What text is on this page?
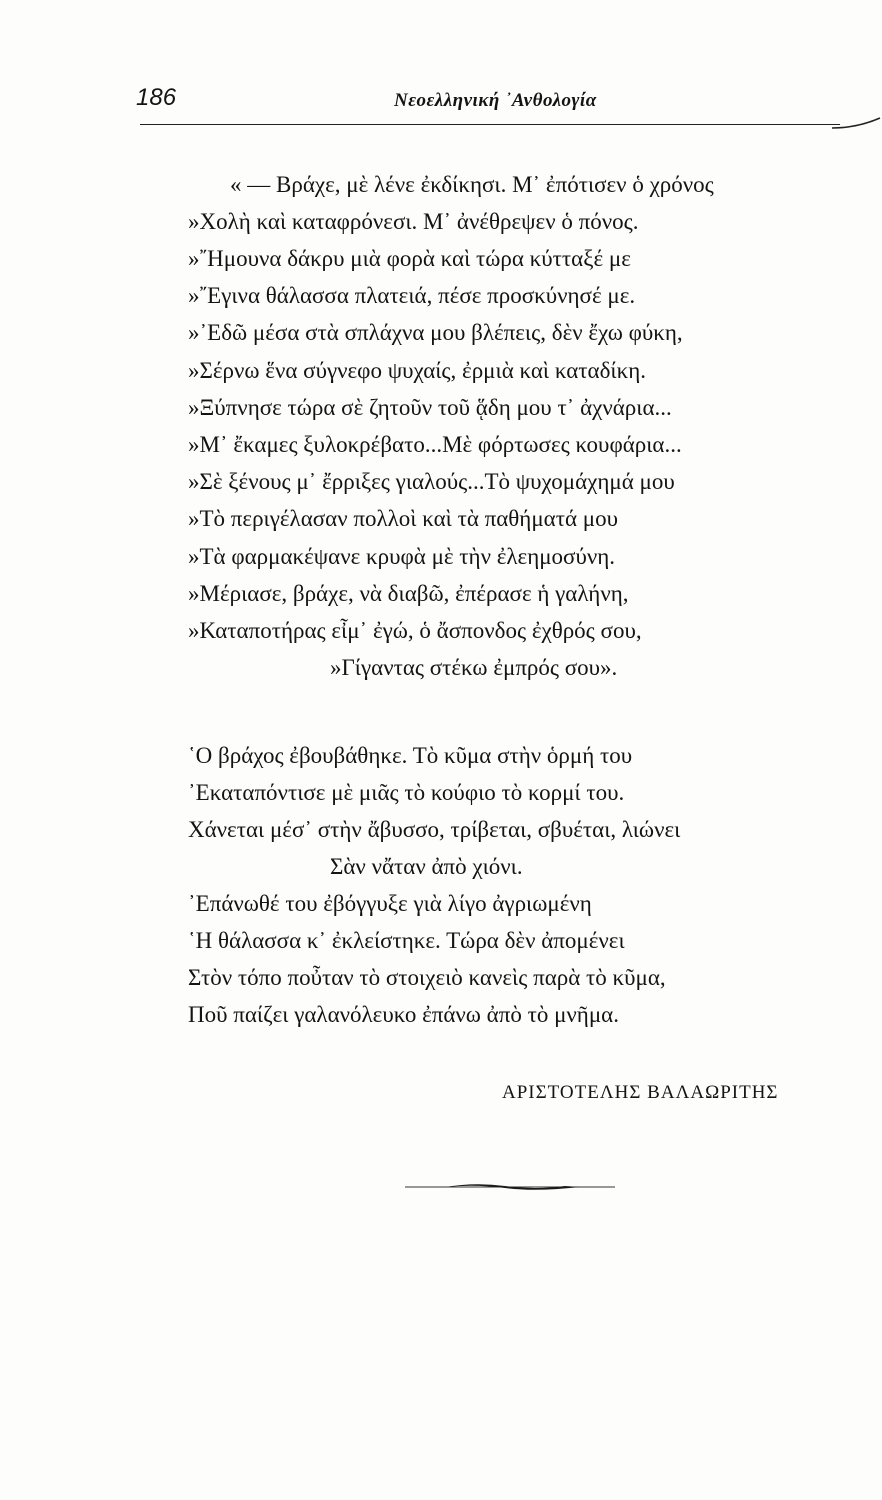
186	Νεοελληνική ᾿Ανθολογία
« — Βράχε, μὲ λένε ἐκδίκησι. Μ᾿ ἐπότισεν ὁ χρόνος
»Χολὴ καὶ καταφρόνεσι. Μ᾿ ἀνέθρεψεν ὁ πόνος.
»῎Ημουνα δάκρυ μιὰ φορὰ καὶ τώρα κύτταξέ με
»῎Εγινα θάλασσα πλατειά, πέσε προσκύνησέ με.
»᾿Εδῶ μέσα στὰ σπλάχνα μου βλέπεις, δὲν ἔχω φύκη,
»Σέρνω ἕνα σύγνεφο ψυχαίς, ἐρμιὰ καὶ καταδίκη.
»Ξύπνησε τώρα σὲ ζητοῦν τοῦ ᾅδη μου τ᾿ ἀχνάρια...
»Μ᾿ ἔκαμες ξυλοκρέβατο...Μὲ φόρτωσες κουφάρια...
»Σὲ ξένους μ᾿ ἔρριξες γιαλούς...Τὸ ψυχομάχημά μου
»Τὸ περιγέλασαν πολλοὶ καὶ τὰ παθήματά μου
»Τὰ φαρμακέψανε κρυφὰ μὲ τὴν ἐλεημοσύνη.
»Μέριασε, βράχε, νὰ διαβῶ, ἐπέρασε ἡ γαλήνη,
»Καταποτήρας εἶμ᾿ ἐγώ, ὁ ἄσπονδος ἐχθρός σου,
»Γίγαντας στέκω ἐμπρός σου».
῾Ο βράχος ἐβουβάθηκε. Τὸ κῦμα στὴν ὁρμή του
᾿Εκαταπόντισε μὲ μιᾶς τὸ κούφιο τὸ κορμί του.
Χάνεται μέσ᾿ στὴν ἄβυσσο, τρίβεται, σβυέται, λιώνει
Σὰν νἄταν ἀπὸ χιόνι.
᾿Επάνωθέ του ἐβόγγυξε γιὰ λίγο ἀγριωμένη
῾Η θάλασσα κ᾿ ἐκλείστηκε. Τώρα δὲν ἀπομένει
Στὸν τόπο ποὖταν τὸ στοιχειὸ κανεὶς παρὰ τὸ κῦμα,
Ποῦ παίζει γαλανόλευκο ἐπάνω ἀπὸ τὸ μνῆμα.
ΑΡΙΣΤΟΤΕΛΗΣ ΒΑΛΑΩΡΙΤΗΣ
